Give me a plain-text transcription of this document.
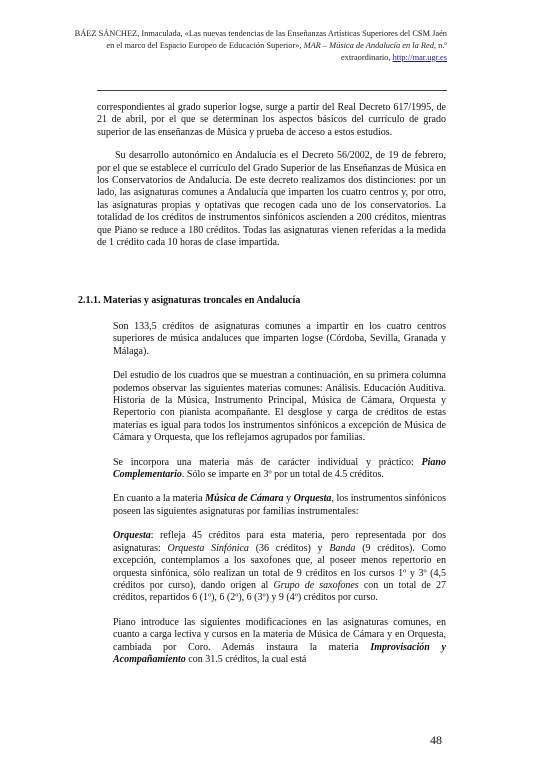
BÁEZ SÁNCHEZ, Inmaculada, «Las nuevas tendencias de las Enseñanzas Artísticas Superiores del CSM Jaén en el marco del Espacio Europeo de Educación Superior», MAR – Música de Andalucía en la Red, n.º extraordinario, http://mar.ugr.es

correspondientes al grado superior logse, surge a partir del Real Decreto 617/1995, de 21 de abril, por el que se determinan los aspectos básicos del currículo de grado superior de las enseñanzas de Música y prueba de acceso a estos estudios.

Su desarrollo autonómico en Andalucía es el Decreto 56/2002, de 19 de febrero, por el que se establece el currículo del Grado Superior de las Enseñanzas de Música en los Conservatorios de Andalucía. De este decreto realizamos dos distinciones: por un lado, las asignaturas comunes a Andalucía que imparten los cuatro centros y, por otro, las asignaturas propias y optativas que recogen cada uno de los conservatorios. La totalidad de los créditos de instrumentos sinfónicos ascienden a 200 créditos, mientras que Piano se reduce a 180 créditos. Todas las asignaturas vienen referidas a la medida de 1 crédito cada 10 horas de clase impartida.

2.1.1. Materias y asignaturas troncales en Andalucía

Son 133,5 créditos de asignaturas comunes a impartir en los cuatro centros superiores de música andaluces que imparten logse (Córdoba, Sevilla, Granada y Málaga).

Del estudio de los cuadros que se muestran a continuación, en su primera columna podemos observar las siguientes materias comunes: Análisis. Educación Auditiva. Historia de la Música, Instrumento Principal, Música de Cámara, Orquesta y Repertorio con pianista acompañante. El desglose y carga de créditos de estas materias es igual para todos los instrumentos sinfónicos a excepción de Música de Cámara y Orquesta, que los reflejamos agrupados por familias.

Se incorpora una materia más de carácter individual y práctico: Piano Complementario. Sólo se imparte en 3º por un total de 4.5 créditos.

En cuanto a la materia Música de Cámara y Orquesta, los instrumentos sinfónicos poseen las siguientes asignaturas por familias instrumentales:

Orquesta: refleja 45 créditos para esta materia, pero representada por dos asignaturas: Orquesta Sinfónica (36 créditos) y Banda (9 créditos). Como excepción, contemplamos a los saxofones que, al poseer menos repertorio en orquesta sinfónica, sólo realizan un total de 9 créditos en los cursos 1º y 3º (4,5 créditos por curso), dando origen al Grupo de saxofones con un total de 27 créditos, repartidos 6 (1º), 6 (2º), 6 (3º) y 9 (4º) créditos por curso.

Piano introduce las siguientes modificaciones en las asignaturas comunes, en cuanto a carga lectiva y cursos en la materia de Música de Cámara y en Orquesta, cambiada por Coro. Además instaura la materia Improvisación y Acompañamiento con 31.5 créditos, la cual está

48
